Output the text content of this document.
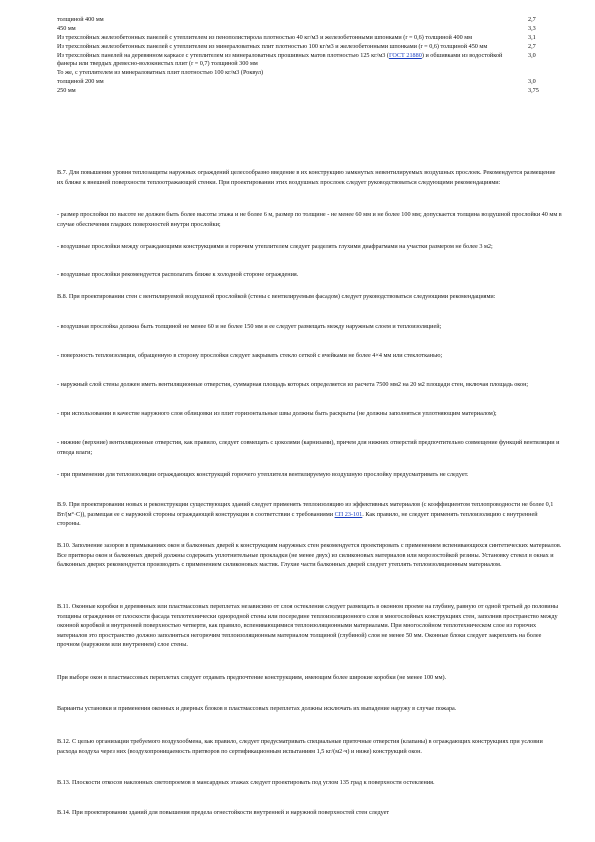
толщиной 400 мм	2,7
450 мм	3,3
Из трехслойных железобетонных панелей с утеплителем из пенополистирола плотностью 40 кг/м3 и железобетонными шпонками (r = 0,6) толщиной 400 мм	3,1
Из трехслойных железобетонных панелей с утеплителем из минераловатных плит плотностью 100 кг/м3 и железобетонными шпонками (r = 0,6) толщиной 450 мм	2,7
Из трехслойных панелей на деревянном каркасе с утеплителем из минераловатных прошивных матов плотностью 125 кг/м3 (ГОСТ 21880) и обшивками из водостойкой фанеры или твердых древесно-волокнистых плит (r = 0,7) толщиной 300 мм	3,0
То же, с утеплителем из минераловатных плит плотностью 100 кг/м3 (Роквул)	
толщиной 200 мм	3,0
250 мм	3,75

В.7. Для повышения уровня теплозащиты наружных ограждений целесообразно введение в их конструкцию замкнутых невентилируемых воздушных прослоек. Рекомендуется размещение их ближе к внешней поверхности теплоотражающей стенки. При проектировании этих воздушных прослоек следует руководствоваться следующими рекомендациями:

- размер прослойки по высоте не должен быть более высоты этажа и не более 6 м, размер по толщине - не менее 60 мм и не более 100 мм; допускается толщина воздушной прослойки 40 мм в случае обеспечения гладких поверхностей внутри прослойки;

- воздушные прослойки между ограждающими конструкциями и горючим утеплителем следует разделять глухими диафрагмами на участки размером не более 3 м2;

- воздушные прослойки рекомендуется располагать ближе к холодной стороне ограждения.

В.8. При проектировании стен с вентилируемой воздушной прослойкой (стены с вентилируемым фасадом) следует руководствоваться следующими рекомендациями:

- воздушная прослойка должна быть толщиной не менее 60 и не более 150 мм и ее следует размещать между наружным слоем и теплоизоляцией;

- поверхность теплоизоляции, обращенную в сторону прослойки следует закрывать стекло сеткой с ячейками не более 4×4 мм или стеклотканью;

- наружный слой стены должен иметь вентиляционные отверстия, суммарная площадь которых определяется из расчета 7500 мм2 на 20 м2 площади стен, включая площадь окон;

- при использовании в качестве наружного слоя облицовки из плит горизонтальные швы должны быть раскрыты (не должны заполняться уплотняющим материалом);

- нижние (верхние) вентиляционные отверстия, как правило, следует совмещать с цоколями (карнизами), причем для нижних отверстий предпочтительно совмещение функций вентиляции и отвода влаги;

- при применении для теплоизоляции ограждающих конструкций горючего утеплителя вентилируемую воздушную прослойку предусматривать не следует.

В.9. При проектировании новых и реконструкции существующих зданий следует применять теплоизоляцию из эффективных материалов (с коэффициентом теплопроводности не более 0,1 Вт/(м°·С)), размещая ее с наружной стороны ограждающей конструкции в соответствии с требованиями СП 23-101. Как правило, не следует применять теплоизоляцию с внутренней стороны.

В.10. Заполнение зазоров в примыканиях окон и балконных дверей к конструкциям наружных стен рекомендуется проектировать с применением вспенивающихся синтетических материалов. Все притворы окон и балконных дверей должны содержать уплотнительные прокладки (не менее двух) из силиконовых материалов или морозостойкой резины. Установку стекол в окнах и балконных дверях рекомендуется производить с применением силиконовых мастик. Глухие части балконных дверей следует утеплять теплоизоляционным материалом.

В.11. Оконные коробки в деревянных или пластмассовых переплетах независимо от слоя остекления следует размещать в оконном проеме на глубину, равную от одной третьей до половины толщины ограждения от плоскости фасада теплотехнически однородной стены или посередине теплоизоляционного слоя в многослойных конструкциях стен, заполнив пространство между оконной коробкой и внутренней поверхностью четверти, как правило, вспенивающимися теплоизоляционными материалами. При многослойном теплотехническом слое из горючих материалов это пространство должно заполняться негорючим теплоизоляционным материалом толщиной (глубиной) слоя не менее 50 мм. Оконные блоки следует закреплять на более прочном (наружном или внутреннем) слое стены.

При выборе окон в пластмассовых переплетах следует отдавать предпочтение конструкциям, имеющим более широкие коробки (не менее 100 мм).

Варианты установки и применения оконных и дверных блоков в пластмассовых переплетах должны исключать их выпадение наружу в случае пожара.

В.12. С целью организации требуемого воздухообмена, как правило, следует предусматривать специальные приточные отверстия (клапаны) в ограждающих конструкциях при условии расхода воздуха через них (воздухопроницаемость притворов по сертификационным испытаниям 1,5 кг/(м2·ч) и ниже) конструкций окон.

В.13. Плоскости откосов наклонных светопроемов в мансардных этажах следует проектировать под углом 135 град к поверхности остекления.

В.14. При проектировании зданий для повышения предела огнестойкости внутренней и наружной поверхностей стен следует
